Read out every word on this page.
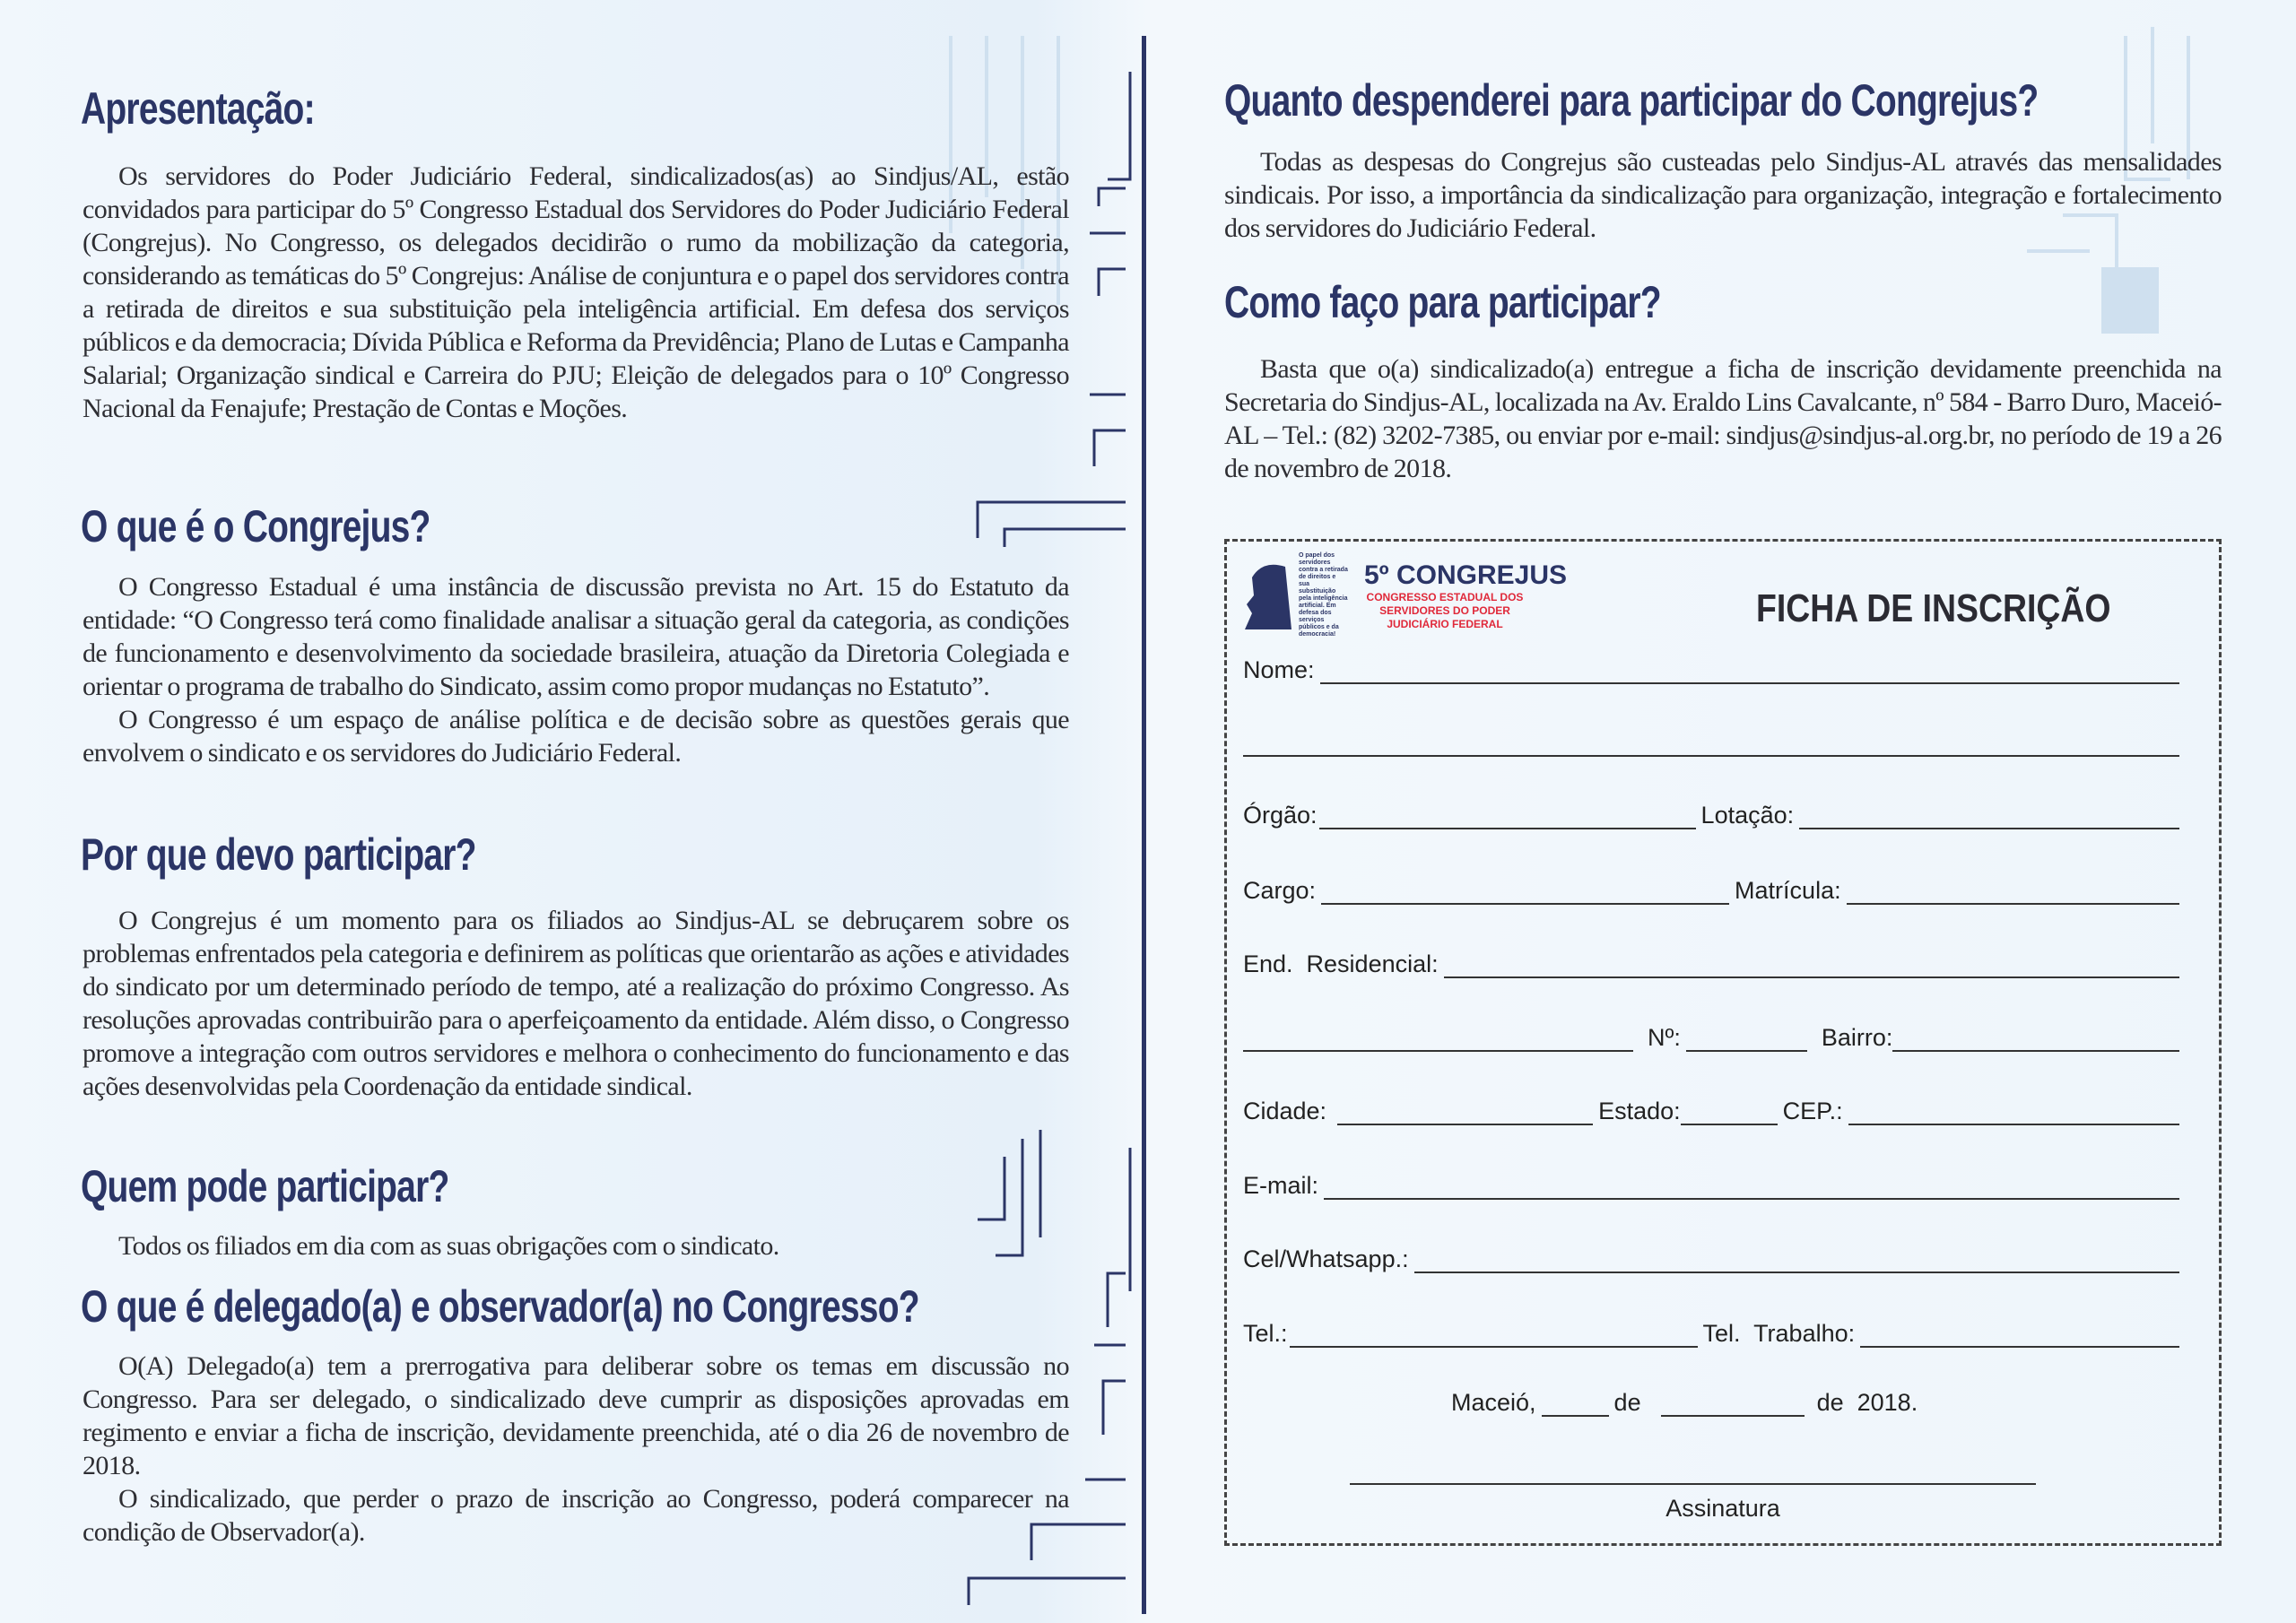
Apresentação:

Os servidores do Poder Judiciário Federal, sindicalizados(as) ao Sindjus/AL, estão convidados para participar do 5º Congresso Estadual dos Servidores do Poder Judiciário Federal (Congrejus). No Congresso, os delegados decidirão o rumo da mobilização da categoria, considerando as temáticas do 5º Congrejus: Análise de conjuntura e o papel dos servidores contra a retirada de direitos e sua substituição pela inteligência artificial. Em defesa dos serviços públicos e da democracia; Dívida Pública e Reforma da Previdência; Plano de Lutas e Campanha Salarial; Organização sindical e Carreira do PJU; Eleição de delegados para o 10º Congresso Nacional da Fenajufe; Prestação de Contas e Moções.

O que é o Congrejus?

O Congresso Estadual é uma instância de discussão prevista no Art. 15 do Estatuto da entidade: “O Congresso terá como finalidade analisar a situação geral da categoria, as condições de funcionamento e desenvolvimento da sociedade brasileira, atuação da Diretoria Colegiada e orientar o programa de trabalho do Sindicato, assim como propor mudanças no Estatuto”.

O Congresso é um espaço de análise política e de decisão sobre as questões gerais que envolvem o sindicato e os servidores do Judiciário Federal.

Por que devo participar?

O Congrejus é um momento para os filiados ao Sindjus-AL se debruçarem sobre os problemas enfrentados pela categoria e definirem as políticas que orientarão as ações e atividades do sindicato por um determinado período de tempo, até a realização do próximo Congresso. As resoluções aprovadas contribuirão para o aperfeiçoamento da entidade. Além disso, o Congresso promove a integração com outros servidores e melhora o conhecimento do funcionamento e das ações desenvolvidas pela Coordenação da entidade sindical.

Quem pode participar?

Todos os filiados em dia com as suas obrigações com o sindicato.

O que é delegado(a) e observador(a) no Congresso?

O(A) Delegado(a) tem a prerrogativa para deliberar sobre os temas em discussão no Congresso. Para ser delegado, o sindicalizado deve cumprir as disposições aprovadas em regimento e enviar a ficha de inscrição, devidamente preenchida, até o dia 26 de novembro de 2018.

O sindicalizado, que perder o prazo de inscrição ao Congresso, poderá comparecer na condição de Observador(a).

Quanto despenderei para participar do Congrejus?

Todas as despesas do Congrejus são custeadas pelo Sindjus-AL através das mensalidades sindicais. Por isso, a importância da sindicalização para organização, integração e fortalecimento dos servidores do Judiciário Federal.

Como faço para participar?

Basta que o(a) sindicalizado(a) entregue a ficha de inscrição devidamente preenchida na Secretaria do Sindjus-AL, localizada na Av. Eraldo Lins Cavalcante, nº 584 - Barro Duro, Maceió-AL – Tel.: (82) 3202-7385, ou enviar por e-mail: sindjus@sindjus-al.org.br, no período de 19 a 26 de novembro de 2018.

O papel dos servidores contra a retirada de direitos e sua substituição pela inteligência artificial. Em defesa dos serviços públicos e da democracia!
5º CONGREJUS
CONGRESSO ESTADUAL DOS SERVIDORES DO PODER JUDICIÁRIO FEDERAL	FICHA DE INSCRIÇÃO
Nome:
Órgão:	Lotação:
Cargo:	Matrícula:
End.  Residencial:
Nº:	Bairro:
Cidade:	Estado:	CEP.:
E-mail:
Cel/Whatsapp.:
Tel.:	Tel.  Trabalho:
Maceió,	de	de  2018.
Assinatura
